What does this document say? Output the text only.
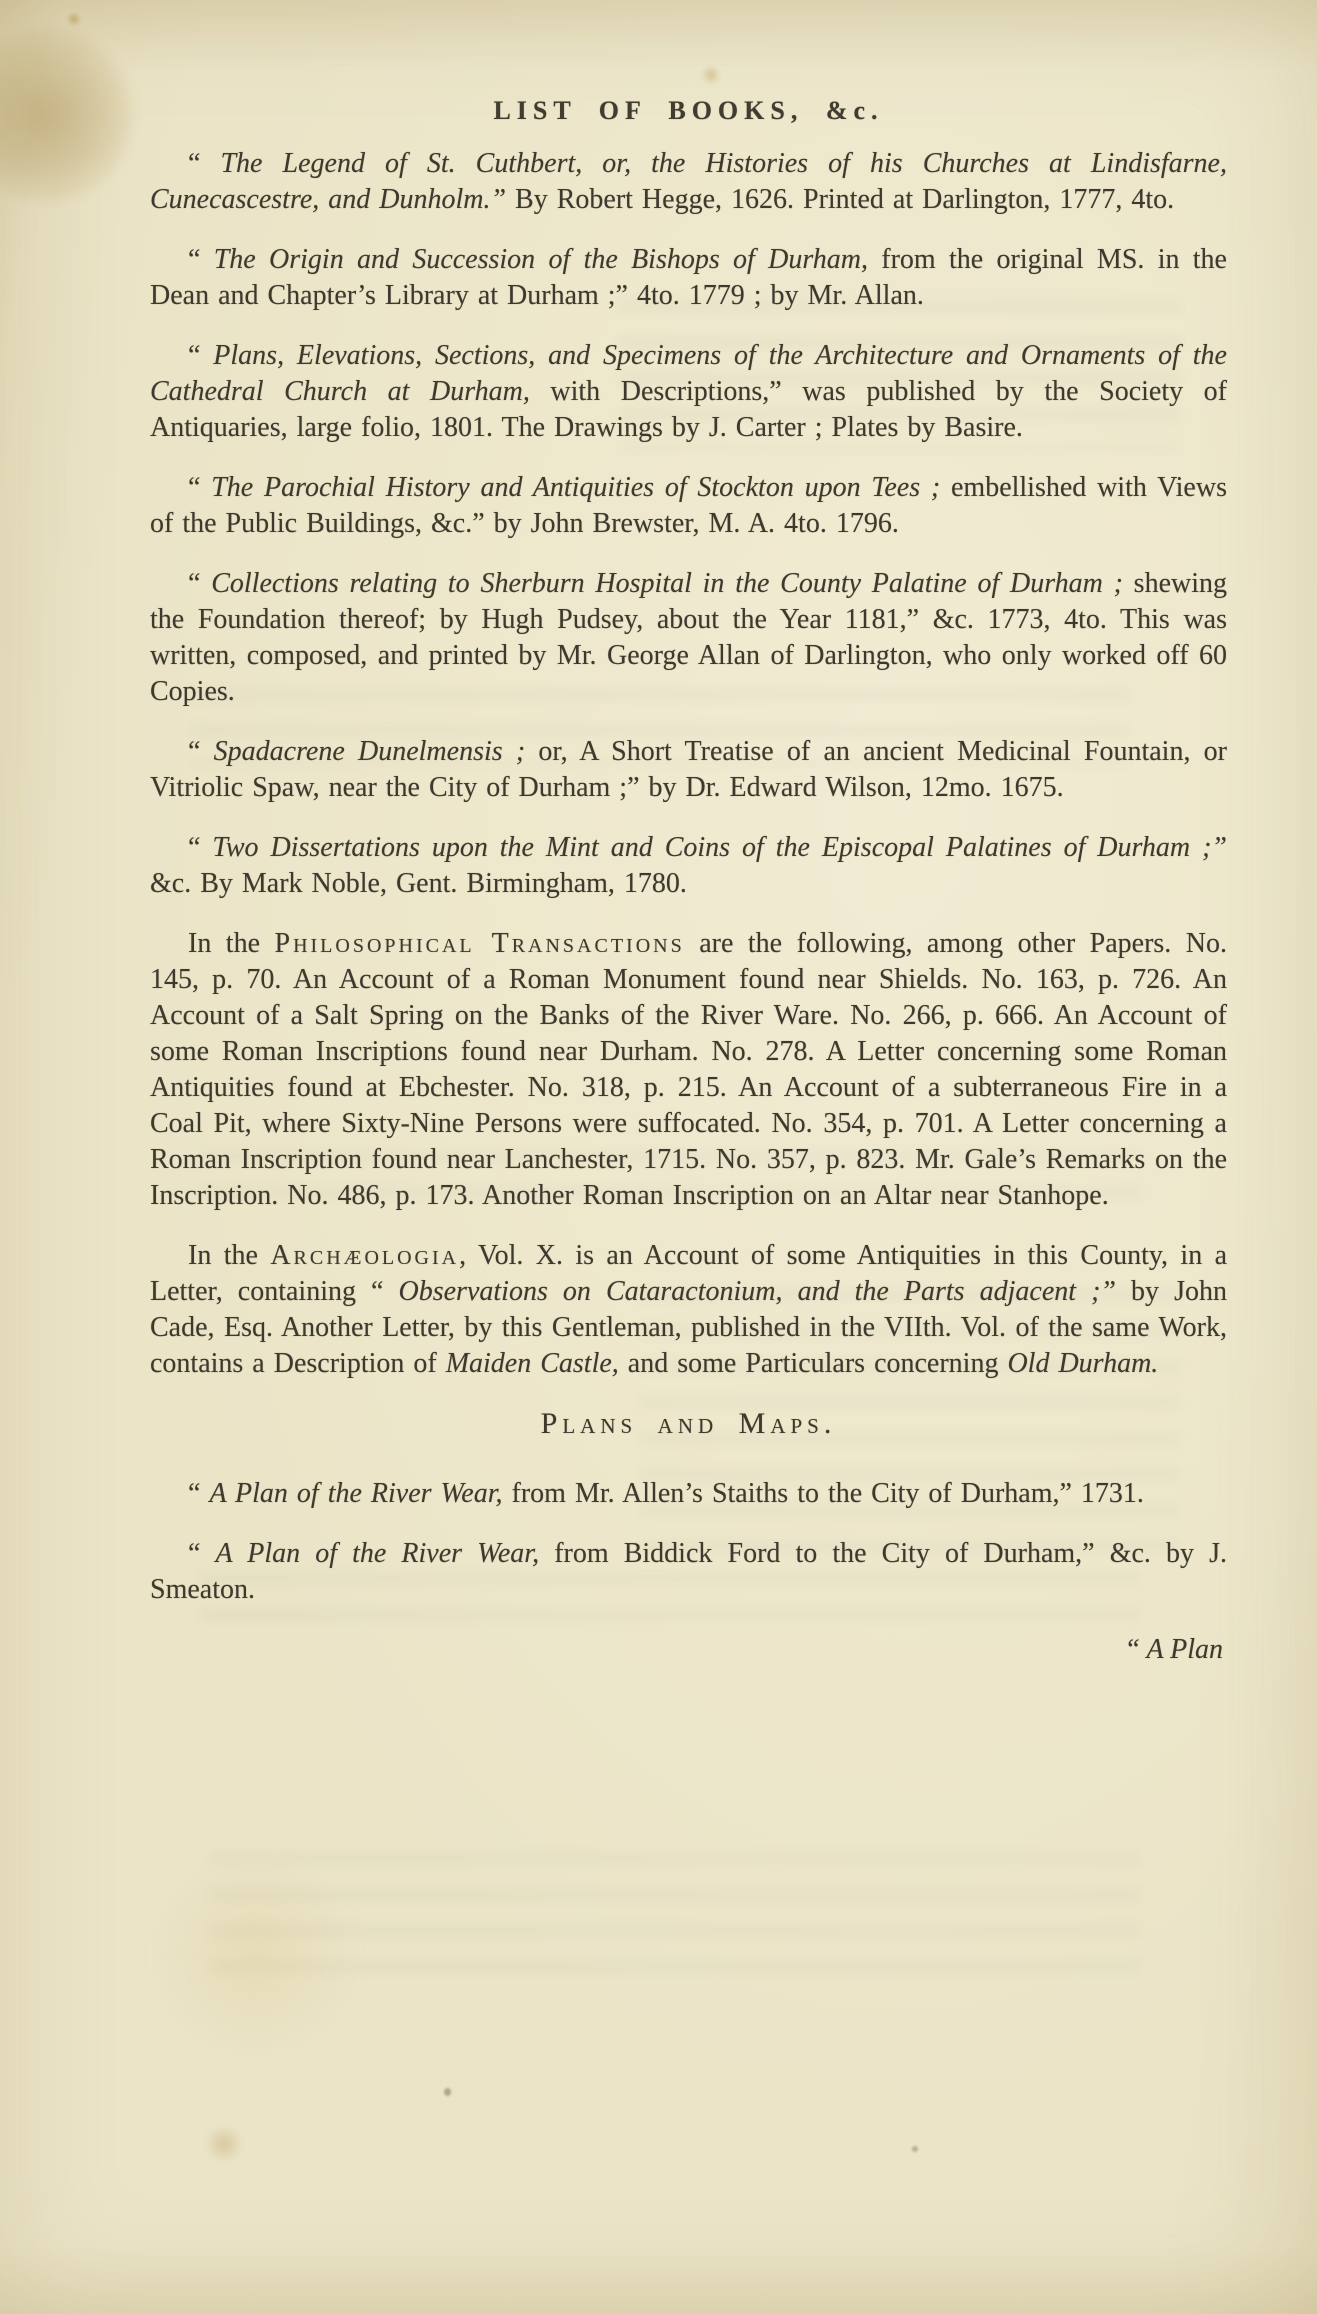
LIST OF BOOKS, &c.

“ The Legend of St. Cuthbert, or, the Histories of his Churches at Lindisfarne, Cunecascestre, and Dunholm.” By Robert Hegge, 1626. Printed at Darlington, 1777, 4to.

“ The Origin and Succession of the Bishops of Durham, from the original MS. in the Dean and Chapter’s Library at Durham ;” 4to. 1779 ; by Mr. Allan.

“ Plans, Elevations, Sections, and Specimens of the Architecture and Ornaments of the Cathedral Church at Durham, with Descriptions,” was published by the Society of Antiquaries, large folio, 1801. The Drawings by J. Carter ; Plates by Basire.

“ The Parochial History and Antiquities of Stockton upon Tees ; embellished with Views of the Public Buildings, &c.” by John Brewster, M. A. 4to. 1796.

“ Collections relating to Sherburn Hospital in the County Palatine of Durham ; shewing the Foundation thereof; by Hugh Pudsey, about the Year 1181,” &c. 1773, 4to. This was written, composed, and printed by Mr. George Allan of Darlington, who only worked off 60 Copies.

“ Spadacrene Dunelmensis ; or, A Short Treatise of an ancient Medicinal Fountain, or Vitriolic Spaw, near the City of Durham ;” by Dr. Edward Wilson, 12mo. 1675.

“ Two Dissertations upon the Mint and Coins of the Episcopal Palatines of Durham ;” &c. By Mark Noble, Gent. Birmingham, 1780.

In the Philosophical Transactions are the following, among other Papers. No. 145, p. 70. An Account of a Roman Monument found near Shields. No. 163, p. 726. An Account of a Salt Spring on the Banks of the River Ware. No. 266, p. 666. An Account of some Roman Inscriptions found near Durham. No. 278. A Letter concerning some Roman Antiquities found at Ebchester. No. 318, p. 215. An Account of a subterraneous Fire in a Coal Pit, where Sixty-Nine Persons were suffocated. No. 354, p. 701. A Letter concerning a Roman Inscription found near Lanchester, 1715. No. 357, p. 823. Mr. Gale’s Remarks on the Inscription. No. 486, p. 173. Another Roman Inscription on an Altar near Stanhope.

In the Archæologia, Vol. X. is an Account of some Antiquities in this County, in a Letter, containing “ Observations on Cataractonium, and the Parts adjacent ;” by John Cade, Esq. Another Letter, by this Gentleman, published in the VIIth. Vol. of the same Work, contains a Description of Maiden Castle, and some Particulars concerning Old Durham.

Plans and Maps.

“ A Plan of the River Wear, from Mr. Allen’s Staiths to the City of Durham,” 1731.

“ A Plan of the River Wear, from Biddick Ford to the City of Durham,” &c. by J. Smeaton.

“ A Plan
